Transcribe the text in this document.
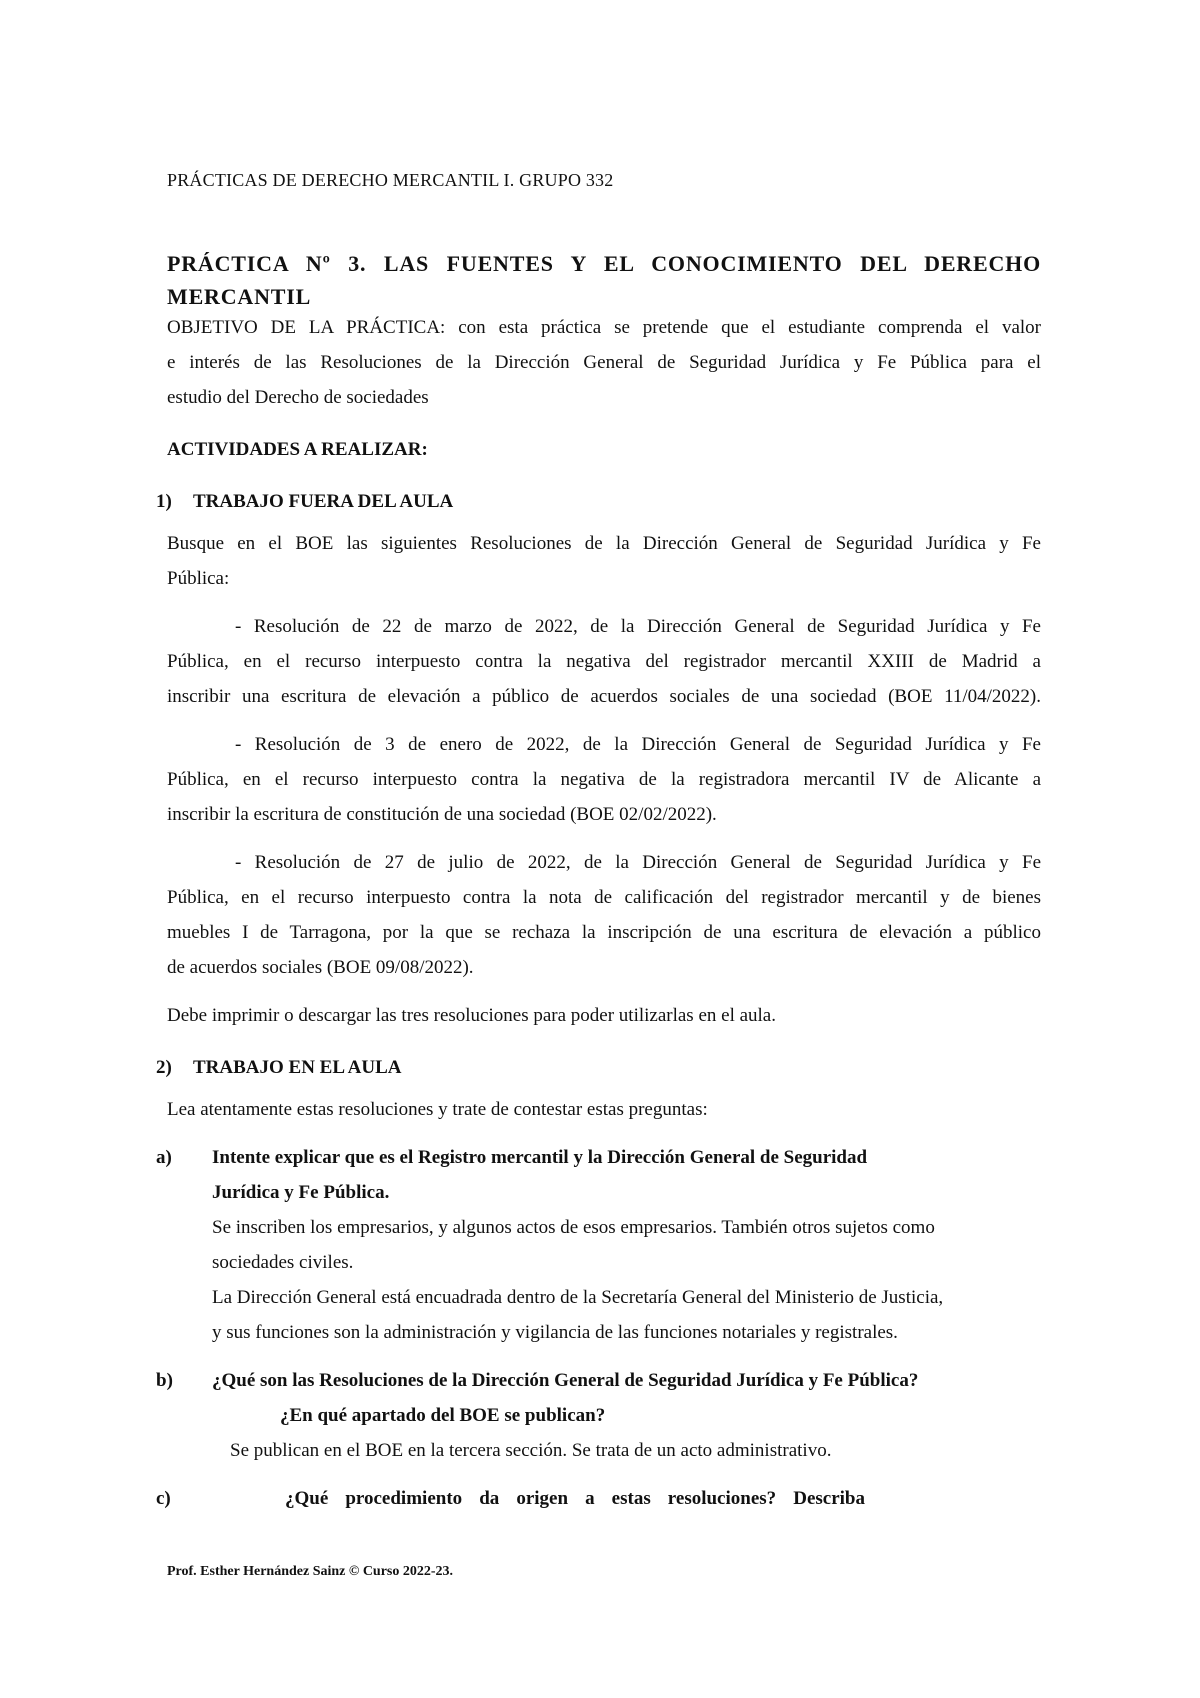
PRÁCTICAS DE DERECHO MERCANTIL I. GRUPO 332

PRÁCTICA Nº 3. LAS FUENTES Y EL CONOCIMIENTO DEL DERECHO

MERCANTIL

OBJETIVO DE LA PRÁCTICA: con esta práctica se pretende que el estudiante comprenda el valor

e interés de las Resoluciones de la Dirección General de Seguridad Jurídica y Fe Pública para el

estudio del Derecho de sociedades

ACTIVIDADES A REALIZAR:

1) TRABAJO FUERA DEL AULA

Busque en el BOE las siguientes Resoluciones de la Dirección General de Seguridad Jurídica y Fe

Pública:

- Resolución de 22 de marzo de 2022, de la Dirección General de Seguridad Jurídica y Fe

Pública, en el recurso interpuesto contra la negativa del registrador mercantil XXIII de Madrid a

inscribir una escritura de elevación a público de acuerdos sociales de una sociedad (BOE 11/04/2022).

- Resolución de 3 de enero de 2022, de la Dirección General de Seguridad Jurídica y Fe

Pública, en el recurso interpuesto contra la negativa de la registradora mercantil IV de Alicante a

inscribir la escritura de constitución de una sociedad (BOE 02/02/2022).

- Resolución de 27 de julio de 2022, de la Dirección General de Seguridad Jurídica y Fe

Pública, en el recurso interpuesto contra la nota de calificación del registrador mercantil y de bienes

muebles I de Tarragona, por la que se rechaza la inscripción de una escritura de elevación a público

de acuerdos sociales (BOE 09/08/2022).

Debe imprimir o descargar las tres resoluciones para poder utilizarlas en el aula.

2) TRABAJO EN EL AULA

Lea atentamente estas resoluciones y trate de contestar estas preguntas:

a) Intente explicar que es el Registro mercantil y la Dirección General de Seguridad

Jurídica y Fe Pública.

Se inscriben los empresarios, y algunos actos de esos empresarios. También otros sujetos como

sociedades civiles.

La Dirección General está encuadrada dentro de la Secretaría General del Ministerio de Justicia,

y sus funciones son la administración y vigilancia de las funciones notariales y registrales.

b) ¿Qué son las Resoluciones de la Dirección General de Seguridad Jurídica y Fe Pública?

¿En qué apartado del BOE se publican?

Se publican en el BOE en la tercera sección. Se trata de un acto administrativo.

c)	¿Qué procedimiento da origen a estas resoluciones? Describa

Prof. Esther Hernández Sainz © Curso 2022-23.
